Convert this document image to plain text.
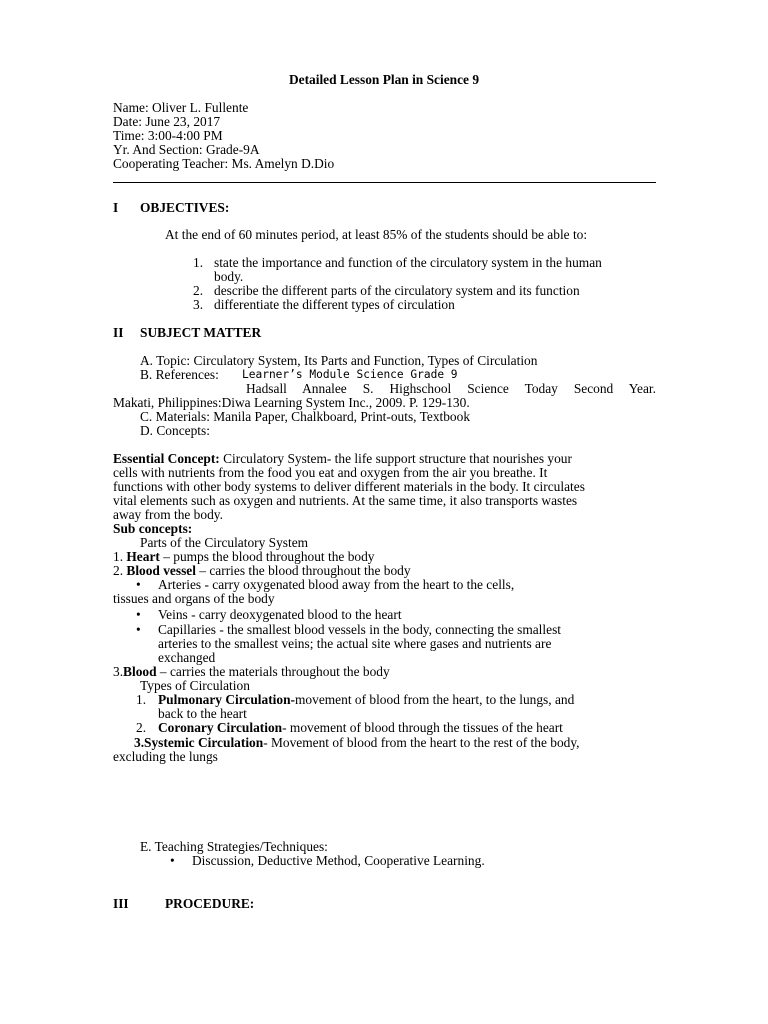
Detailed Lesson Plan in Science 9
Name: Oliver L. Fullente
Date: June 23, 2017
Time: 3:00-4:00 PM
Yr. And Section: Grade-9A
Cooperating Teacher: Ms. Amelyn D.Dio
I OBJECTIVES:
At the end of 60 minutes period, at least 85% of the students should be able to:
1. state the importance and function of the circulatory system in the human
body.
2. describe the different parts of the circulatory system and its function
3. differentiate the different types of circulation
II SUBJECT MATTER
A. Topic: Circulatory System, Its Parts and Function, Types of Circulation
B. References: Learner’s Module Science Grade 9
Hadsall Annalee S. Highschool Science Today Second Year.
Makati, Philippines:Diwa Learning System Inc., 2009. P. 129-130.
C. Materials: Manila Paper, Chalkboard, Print-outs, Textbook
D. Concepts:
Essential Concept: Circulatory System- the life support structure that nourishes your
cells with nutrients from the food you eat and oxygen from the air you breathe. It
functions with other body systems to deliver different materials in the body. It circulates
vital elements such as oxygen and nutrients. At the same time, it also transports wastes
away from the body.
Sub concepts:
Parts of the Circulatory System
1. Heart – pumps the blood throughout the body
2. Blood vessel – carries the blood throughout the body
• Arteries - carry oxygenated blood away from the heart to the cells,
tissues and organs of the body
• Veins - carry deoxygenated blood to the heart
• Capillaries - the smallest blood vessels in the body, connecting the smallest
arteries to the smallest veins; the actual site where gases and nutrients are
exchanged
3.Blood – carries the materials throughout the body
Types of Circulation
1. Pulmonary Circulation-movement of blood from the heart, to the lungs, and
back to the heart
2. Coronary Circulation- movement of blood through the tissues of the heart
3.Systemic Circulation- Movement of blood from the heart to the rest of the body,
excluding the lungs
E. Teaching Strategies/Techniques:
• Discussion, Deductive Method, Cooperative Learning.
III	PROCEDURE:
